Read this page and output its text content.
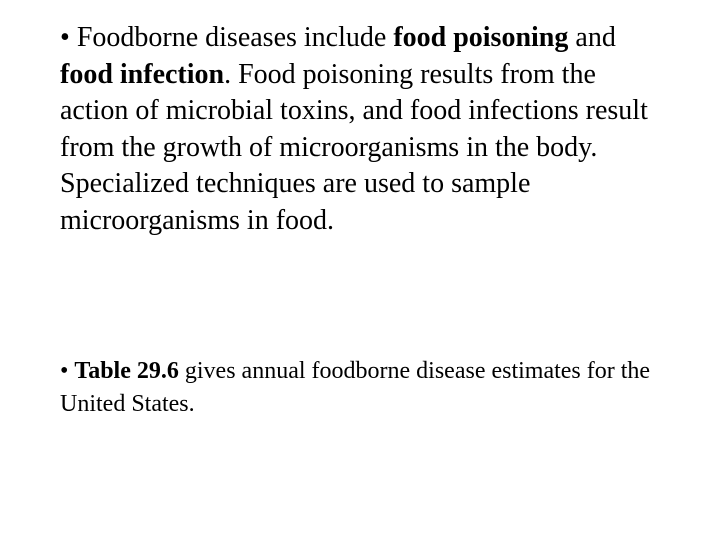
• Foodborne diseases include food poisoning and food infection. Food poisoning results from the action of microbial toxins, and food infections result from the growth of microorganisms in the body. Specialized techniques are used to sample microorganisms in food.

• Table 29.6 gives annual foodborne disease estimates for the United States.
